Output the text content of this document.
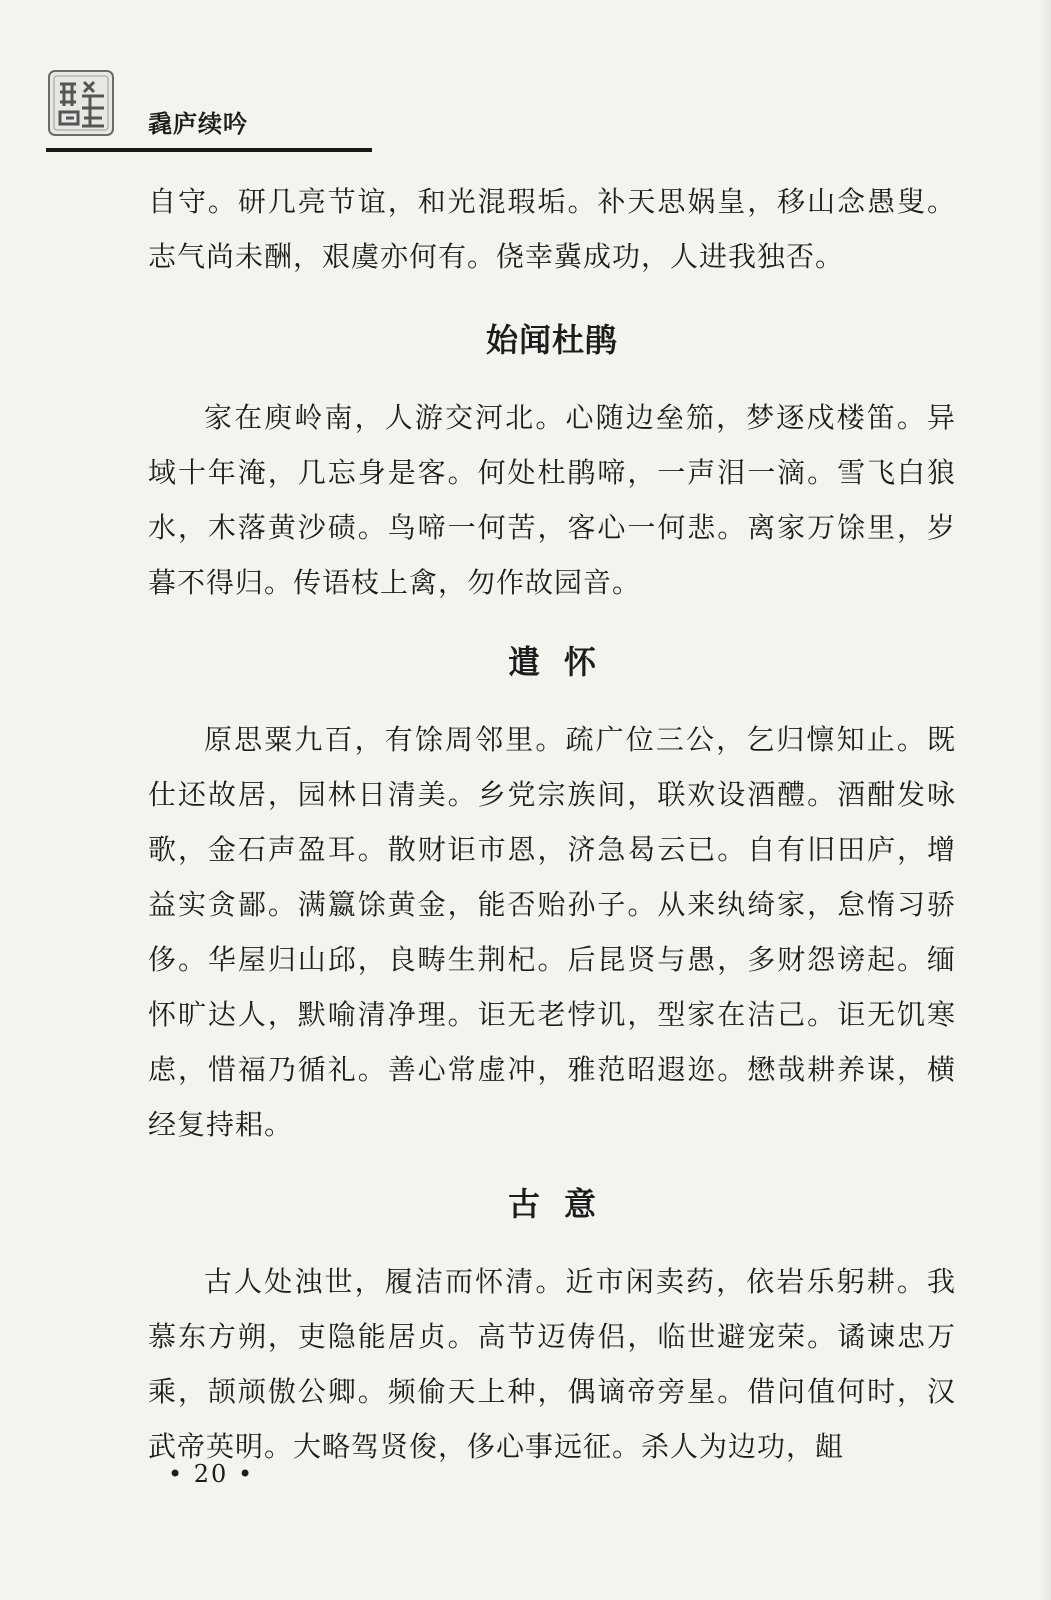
毳庐续吟

自守。研几亮节谊，和光混瑕垢。补天思娲皇，移山念愚叟。志气尚未酬，艰虞亦何有。侥幸冀成功，人进我独否。

始闻杜鹃

家在庾岭南，人游交河北。心随边垒笳，梦逐戍楼笛。异域十年淹，几忘身是客。何处杜鹃啼，一声泪一滴。雪飞白狼水，木落黄沙碛。鸟啼一何苦，客心一何悲。离家万馀里，岁暮不得归。传语枝上禽，勿作故园音。

遣怀

原思粟九百，有馀周邻里。疏广位三公，乞归懔知止。既仕还故居，园林日清美。乡党宗族间，联欢设酒醴。酒酣发咏歌，金石声盈耳。散财讵市恩，济急曷云已。自有旧田庐，增益实贪鄙。满籝馀黄金，能否贻孙子。从来纨绮家，怠惰习骄侈。华屋归山邱，良畴生荆杞。后昆贤与愚，多财怨谤起。缅怀旷达人，默喻清净理。讵无老悖讥，型家在洁己。讵无饥寒虑，惜福乃循礼。善心常虚冲，雅范昭遐迩。懋哉耕养谋，横经复持耜。

古意

古人处浊世，履洁而怀清。近市闲卖药，依岩乐躬耕。我慕东方朔，吏隐能居贞。高节迈俦侣，临世避宠荣。谲谏忠万乘，颉颃傲公卿。频偷天上种，偶谪帝旁星。借问值何时，汉武帝英明。大略驾贤俊，侈心事远征。杀人为边功，龃

• 20 •
